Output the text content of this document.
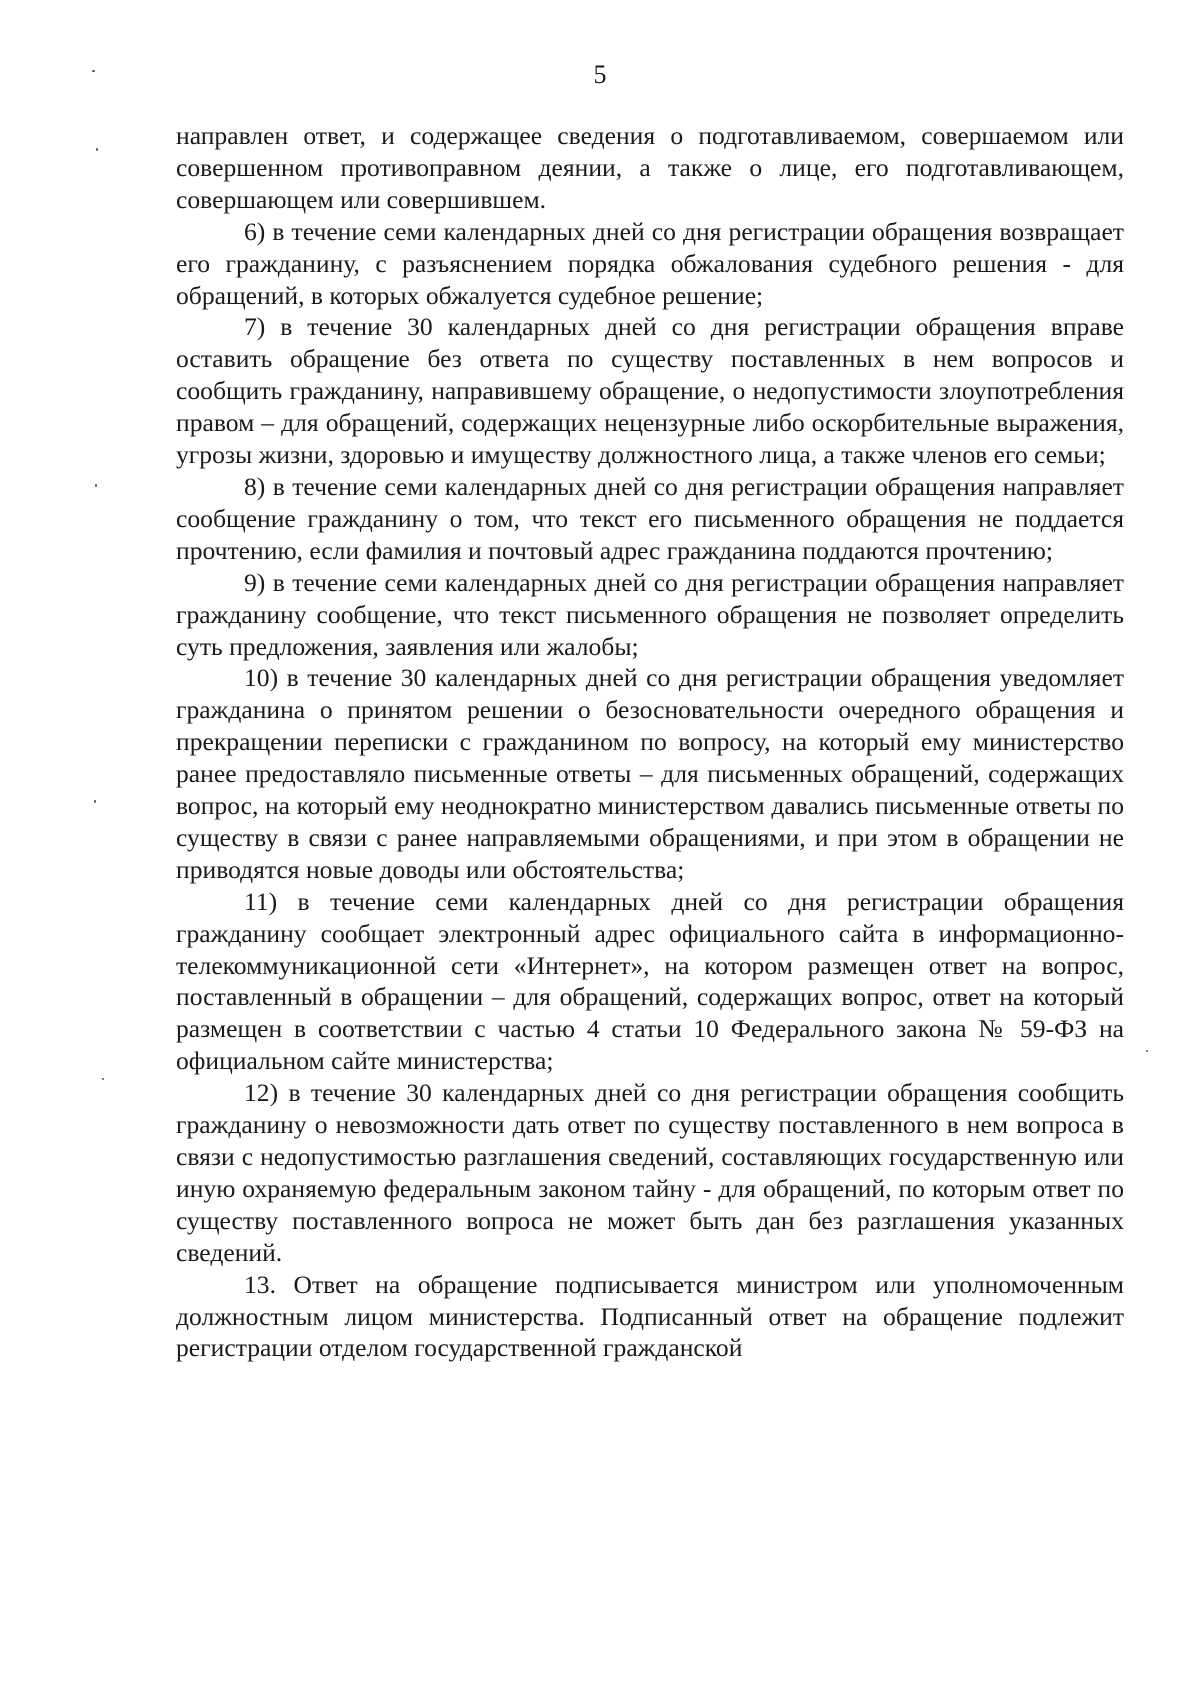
5

направлен ответ, и содержащее сведения о подготавливаемом, совершаемом или совершенном противоправном деянии, а также о лице, его подготавливающем, совершающем или совершившем.

6) в течение семи календарных дней со дня регистрации обращения возвращает его гражданину, с разъяснением порядка обжалования судебного решения - для обращений, в которых обжалуется судебное решение;

7) в течение 30 календарных дней со дня регистрации обращения вправе оставить обращение без ответа по существу поставленных в нем вопросов и сообщить гражданину, направившему обращение, о недопустимости злоупотребления правом – для обращений, содержащих нецензурные либо оскорбительные выражения, угрозы жизни, здоровью и имуществу должностного лица, а также членов его семьи;

8) в течение семи календарных дней со дня регистрации обращения направляет сообщение гражданину о том, что текст его письменного обращения не поддается прочтению, если фамилия и почтовый адрес гражданина поддаются прочтению;

9) в течение семи календарных дней со дня регистрации обращения направляет гражданину сообщение, что текст письменного обращения не позволяет определить суть предложения, заявления или жалобы;

10) в течение 30 календарных дней со дня регистрации обращения уведомляет гражданина о принятом решении о безосновательности очередного обращения и прекращении переписки с гражданином по вопросу, на который ему министерство ранее предоставляло письменные ответы – для письменных обращений, содержащих вопрос, на который ему неоднократно министерством давались письменные ответы по существу в связи с ранее направляемыми обращениями, и при этом в обращении не приводятся новые доводы или обстоятельства;

11) в течение семи календарных дней со дня регистрации обращения гражданину сообщает электронный адрес официального сайта в информационно-телекоммуникационной сети «Интернет», на котором размещен ответ на вопрос, поставленный в обращении – для обращений, содержащих вопрос, ответ на который размещен в соответствии с частью 4 статьи 10 Федерального закона № 59-ФЗ на официальном сайте министерства;

12) в течение 30 календарных дней со дня регистрации обращения сообщить гражданину о невозможности дать ответ по существу поставленного в нем вопроса в связи с недопустимостью разглашения сведений, составляющих государственную или иную охраняемую федеральным законом тайну - для обращений, по которым ответ по существу поставленного вопроса не может быть дан без разглашения указанных сведений.

13. Ответ на обращение подписывается министром или уполномоченным должностным лицом министерства. Подписанный ответ на обращение подлежит регистрации отделом государственной гражданской
